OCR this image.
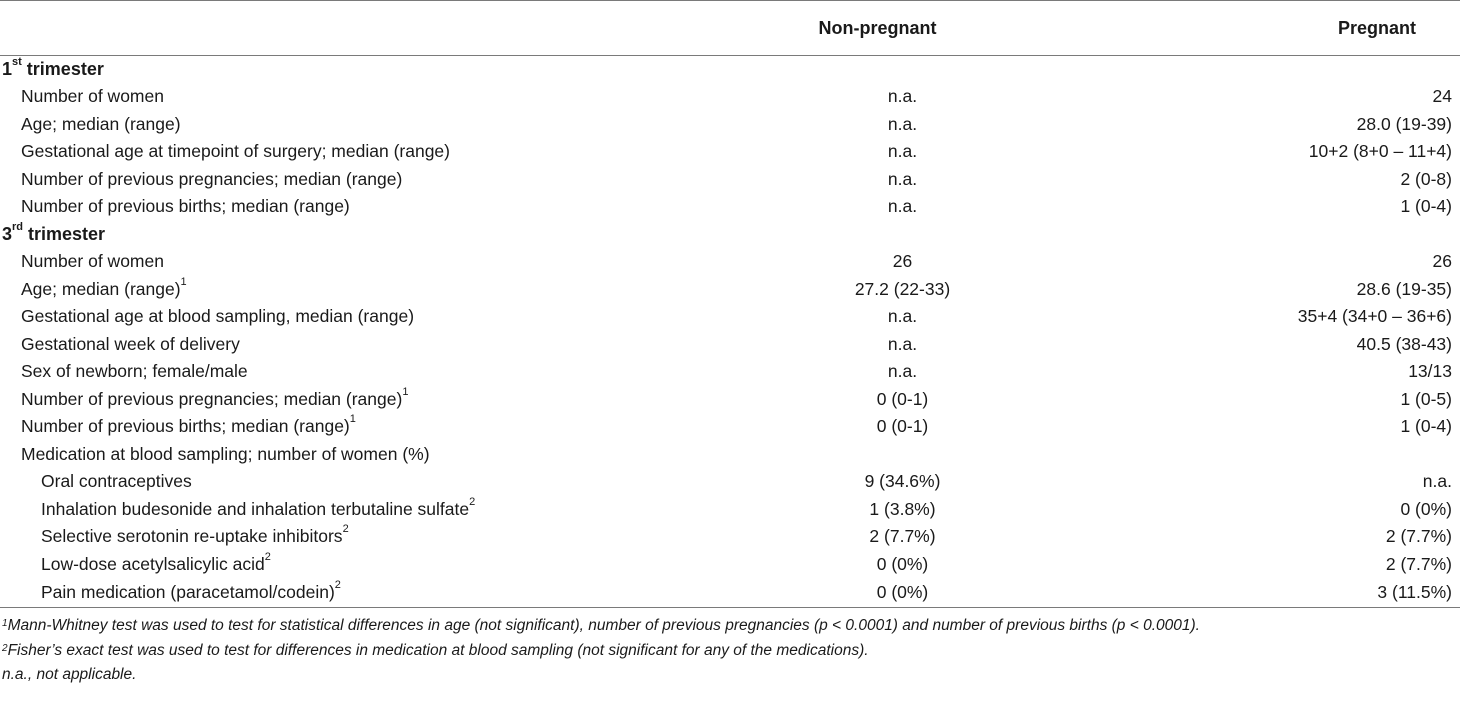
	Non-pregnant	Pregnant
1st trimester		
Number of women	n.a.	24
Age; median (range)	n.a.	28.0 (19-39)
Gestational age at timepoint of surgery; median (range)	n.a.	10+2 (8+0 – 11+4)
Number of previous pregnancies; median (range)	n.a.	2 (0-8)
Number of previous births; median (range)	n.a.	1 (0-4)
3rd trimester		
Number of women	26	26
Age; median (range)$^1$	27.2 (22-33)	28.6 (19-35)
Gestational age at blood sampling, median (range)	n.a.	35+4 (34+0 – 36+6)
Gestational week of delivery	n.a.	40.5 (38-43)
Sex of newborn; female/male	n.a.	13/13
Number of previous pregnancies; median (range)$^1$	0 (0-1)	1 (0-5)
Number of previous births; median (range)$^1$	0 (0-1)	1 (0-4)
Medication at blood sampling; number of women (%)		
Oral contraceptives	9 (34.6%)	n.a.
Inhalation budesonide and inhalation terbutaline sulfate$^2$	1 (3.8%)	0 (0%)
Selective serotonin re-uptake inhibitors$^2$	2 (7.7%)	2 (7.7%)
Low-dose acetylsalicylic acid$^2$	0 (0%)	2 (7.7%)
Pain medication (paracetamol/codein)$^2$	0 (0%)	3 (11.5%)
$^1$Mann-Whitney test was used to test for statistical differences in age (not significant), number of previous pregnancies (p < 0.0001) and number of previous births (p < 0.0001).
$^2$Fisher’s exact test was used to test for differences in medication at blood sampling (not significant for any of the medications).
n.a., not applicable.
